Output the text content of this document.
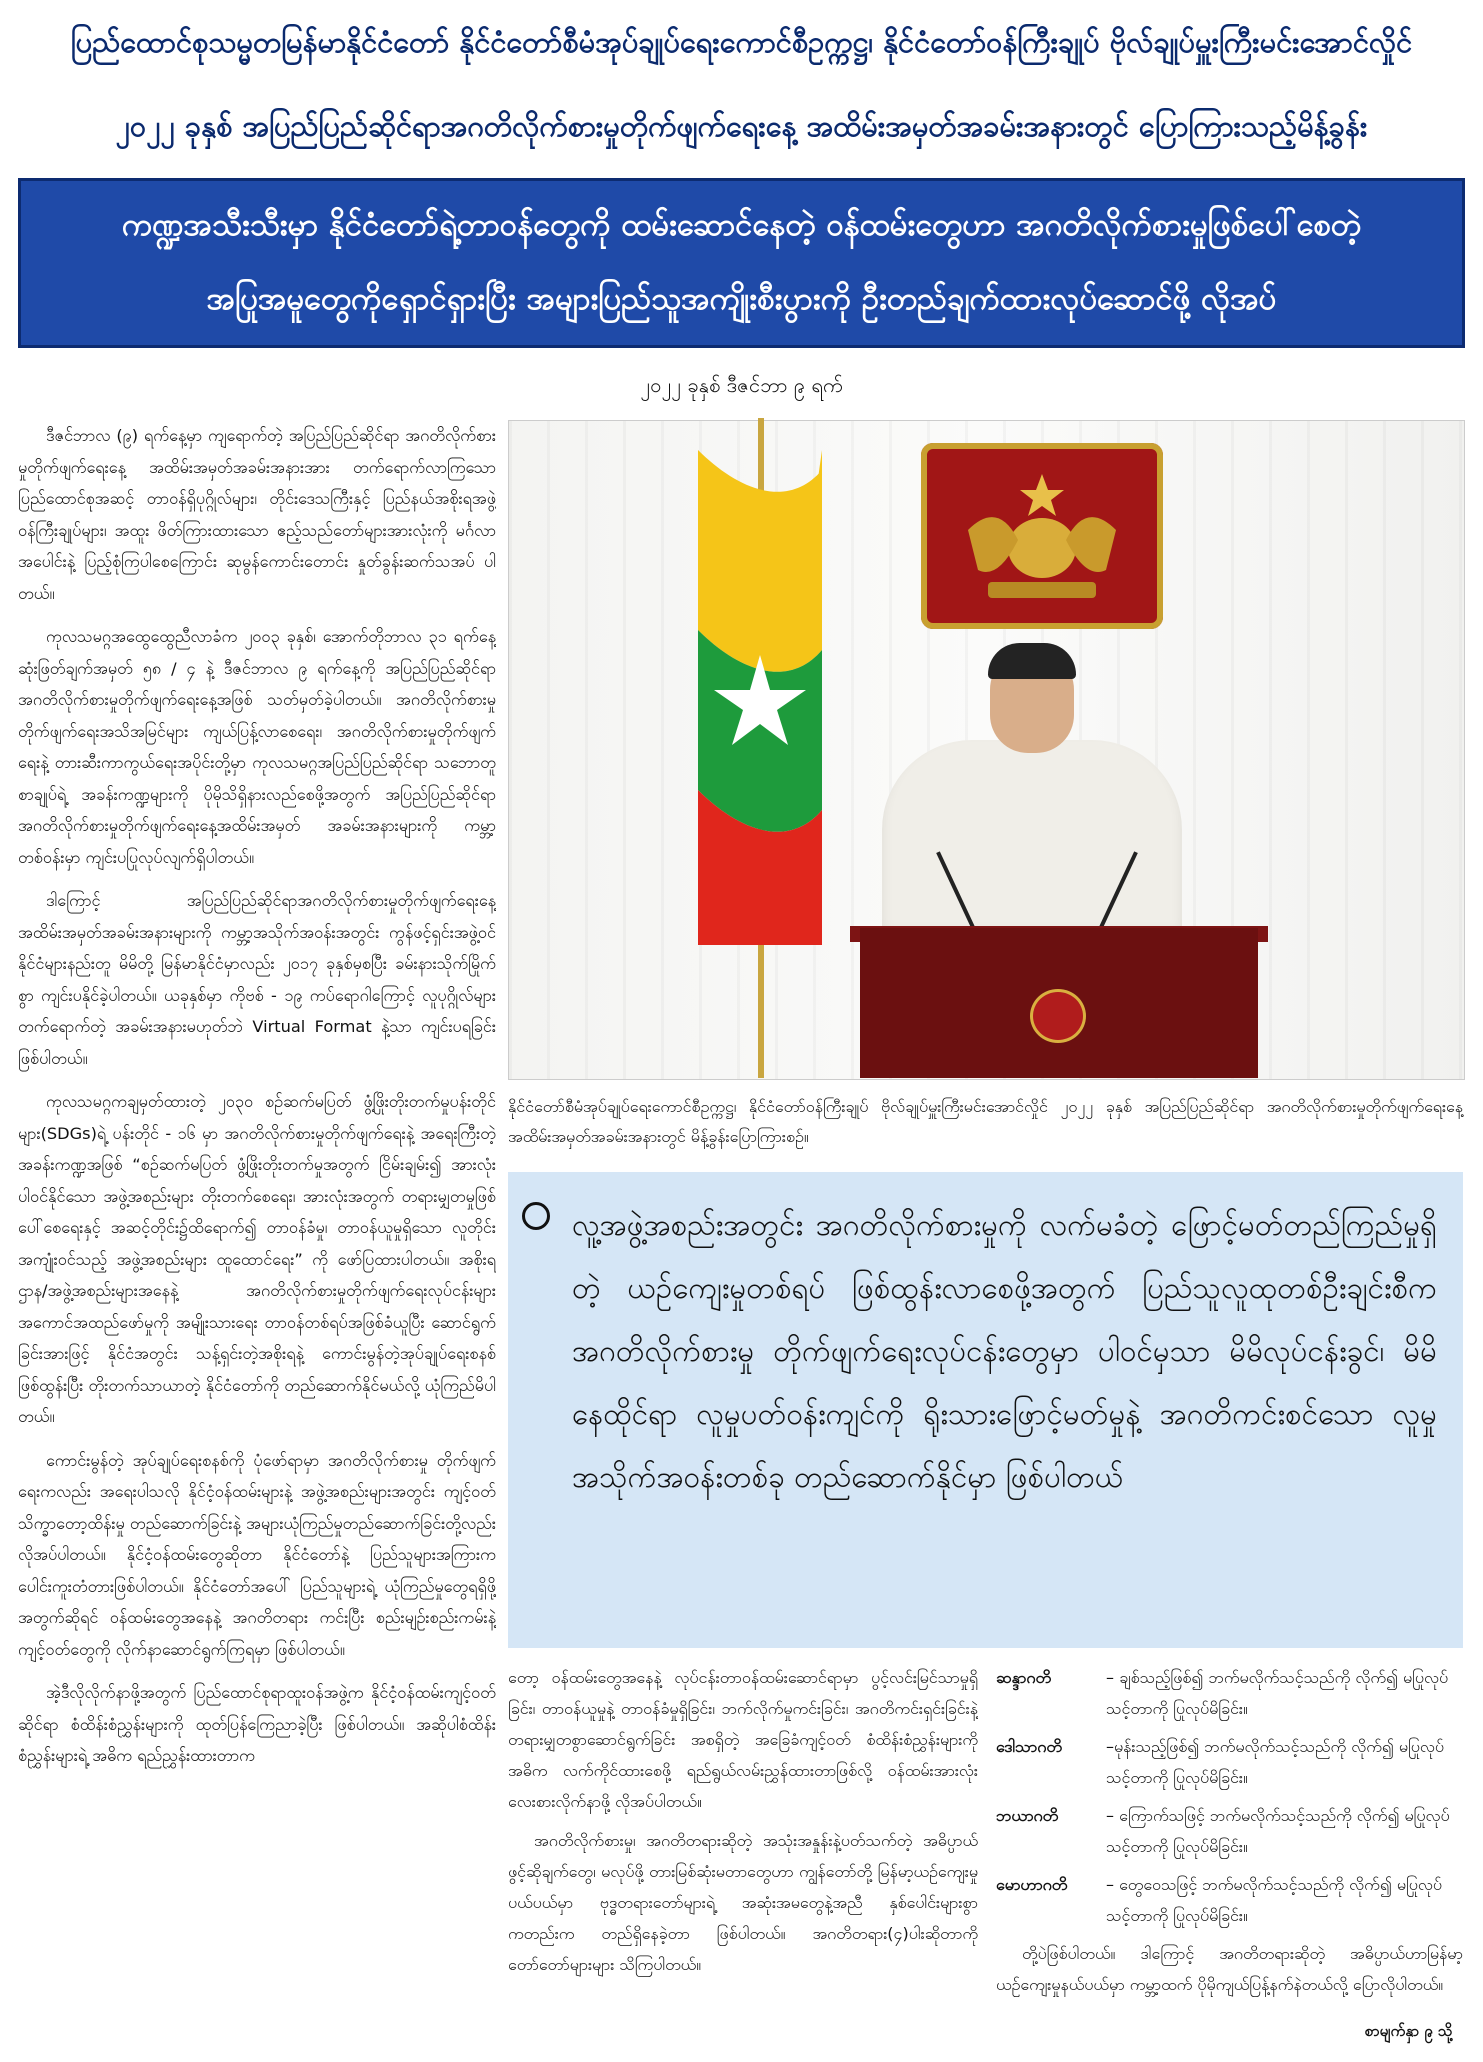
ပြည်ထောင်စုသမ္မတမြန်မာနိုင်ငံတော် နိုင်ငံတော်စီမံအုပ်ချုပ်ရေးကောင်စီဥက္ကဋ္ဌ၊ နိုင်ငံတော်ဝန်ကြီးချုပ် ဗိုလ်ချုပ်မှူးကြီးမင်းအောင်လှိုင်
၂၀၂၂ ခုနှစ် အပြည်ပြည်ဆိုင်ရာအဂတိလိုက်စားမှုတိုက်ဖျက်ရေးနေ့ အထိမ်းအမှတ်အခမ်းအနားတွင် ပြောကြားသည့်မိန့်ခွန်း
ကဏ္ဍအသီးသီးမှာ နိုင်ငံတော်ရဲ့တာဝန်တွေကို ထမ်းဆောင်နေတဲ့ ဝန်ထမ်းတွေဟာ အဂတိလိုက်စားမှုဖြစ်ပေါ်စေတဲ့
အပြုအမူတွေကိုရှောင်ရှားပြီး အများပြည်သူအကျိုးစီးပွားကို ဦးတည်ချက်ထားလုပ်ဆောင်ဖို့ လိုအပ်
၂၀၂၂ ခုနှစ် ဒီဇင်ဘာ ၉ ရက်

ဒီဇင်ဘာလ (၉) ရက်နေ့မှာ ကျရောက်တဲ့ အပြည်ပြည်ဆိုင်ရာ အဂတိလိုက်စားမှုတိုက်ဖျက်ရေးနေ့ အထိမ်းအမှတ်အခမ်းအနားအား တက်ရောက်လာကြသော ပြည်ထောင်စုအဆင့် တာဝန်ရှိပုဂ္ဂိုလ်များ၊ တိုင်းဒေသကြီးနှင့် ပြည်နယ်အစိုးရအဖွဲ့ ဝန်ကြီးချုပ်များ၊ အထူး ဖိတ်ကြားထားသော ဧည့်သည်တော်များအားလုံးကို မင်္ဂလာအပေါင်းနဲ့ ပြည့်စုံကြပါစေကြောင်း ဆုမွန်ကောင်းတောင်း နှုတ်ခွန်းဆက်သအပ် ပါတယ်။

ကုလသမဂ္ဂအထွေထွေညီလာခံက ၂၀၀၃ ခုနှစ်၊ အောက်တိုဘာလ ၃၁ ရက်နေ့ ဆုံးဖြတ်ချက်အမှတ် ၅၈ / ၄ နဲ့ ဒီဇင်ဘာလ ၉ ရက်နေ့ကို အပြည်ပြည်ဆိုင်ရာ အဂတိလိုက်စားမှုတိုက်ဖျက်ရေးနေ့အဖြစ် သတ်မှတ်ခဲ့ပါတယ်။ အဂတိလိုက်စားမှုတိုက်ဖျက်ရေးအသိအမြင်များ ကျယ်ပြန့်လာစေရေး၊ အဂတိလိုက်စားမှုတိုက်ဖျက်ရေးနဲ့ တားဆီးကာကွယ်ရေးအပိုင်းတို့မှာ ကုလသမဂ္ဂအပြည်ပြည်ဆိုင်ရာ သဘောတူစာချုပ်ရဲ့ အခန်းကဏ္ဍများကို ပိုမိုသိရှိနားလည်စေဖို့အတွက် အပြည်ပြည်ဆိုင်ရာ အဂတိလိုက်စားမှုတိုက်ဖျက်ရေးနေ့အထိမ်းအမှတ် အခမ်းအနားများကို ကမ္ဘာ့တစ်ဝန်းမှာ ကျင်းပပြုလုပ်လျက်ရှိပါတယ်။

ဒါကြောင့် အပြည်ပြည်ဆိုင်ရာအဂတိလိုက်စားမှုတိုက်ဖျက်ရေးနေ့ အထိမ်းအမှတ်အခမ်းအနားများကို ကမ္ဘာ့အသိုက်အဝန်းအတွင်း ကွန်ဖင့်ရှင်းအဖွဲ့ဝင်နိုင်ငံများနည်းတူ မိမိတို့ မြန်မာနိုင်ငံမှာလည်း ၂၀၁၇ ခုနှစ်မှစပြီး ခမ်းနားသိုက်မြိုက်စွာ ကျင်းပနိုင်ခဲ့ပါတယ်။ ယခုနှစ်မှာ ကိုဗစ် - ၁၉ ကပ်ရောဂါကြောင့် လူပုဂ္ဂိုလ်များ တက်ရောက်တဲ့ အခမ်းအနားမဟုတ်ဘဲ Virtual Format နဲ့သာ ကျင်းပရခြင်း ဖြစ်ပါတယ်။

ကုလသမဂ္ဂကချမှတ်ထားတဲ့ ၂၀၃၀ စဉ်ဆက်မပြတ် ဖွံ့ဖြိုးတိုးတက်မှုပန်းတိုင်များ(SDGs)ရဲ့ ပန်းတိုင် - ၁၆ မှာ အဂတိလိုက်စားမှုတိုက်ဖျက်ရေးနဲ့ အရေးကြီးတဲ့အခန်းကဏ္ဍအဖြစ် “စဉ်ဆက်မပြတ် ဖွံ့ဖြိုးတိုးတက်မှုအတွက် ငြိမ်းချမ်း၍ အားလုံးပါဝင်နိုင်သော အဖွဲ့အစည်းများ တိုးတက်စေရေး၊ အားလုံးအတွက် တရားမျှတမှုဖြစ်ပေါ်စေရေးနှင့် အဆင့်တိုင်း၌ထိရောက်၍ တာဝန်ခံမှု၊ တာဝန်ယူမှုရှိသော လူတိုင်းအကျုံးဝင်သည့် အဖွဲ့အစည်းများ ထူထောင်ရေး” ကို ဖော်ပြထားပါတယ်။ အစိုးရဌာန/အဖွဲ့အစည်းများအနေနဲ့ အဂတိလိုက်စားမှုတိုက်ဖျက်ရေးလုပ်ငန်းများ အကောင်အထည်ဖော်မှုကို အမျိုးသားရေး တာဝန်တစ်ရပ်အဖြစ်ခံယူပြီး ဆောင်ရွက်ခြင်းအားဖြင့် နိုင်ငံအတွင်း သန့်ရှင်းတဲ့အစိုးရနဲ့ ကောင်းမွန်တဲ့အုပ်ချုပ်ရေးစနစ် ဖြစ်ထွန်းပြီး တိုးတက်သာယာတဲ့ နိုင်ငံတော်ကို တည်ဆောက်နိုင်မယ်လို့ ယုံကြည်မိပါတယ်။

ကောင်းမွန်တဲ့ အုပ်ချုပ်ရေးစနစ်ကို ပုံဖော်ရာမှာ အဂတိလိုက်စားမှု တိုက်ဖျက်ရေးကလည်း အရေးပါသလို နိုင်ငံ့ဝန်ထမ်းများနဲ့ အဖွဲ့အစည်းများအတွင်း ကျင့်ဝတ်သိက္ခာတော့ထိန်းမှု တည်ဆောက်ခြင်းနဲ့ အများယုံကြည်မှုတည်ဆောက်ခြင်းတို့လည်း လိုအပ်ပါတယ်။ နိုင်ငံ့ဝန်ထမ်းတွေဆိုတာ နိုင်ငံတော်နဲ့ ပြည်သူများအကြားက ပေါင်းကူးတံတားဖြစ်ပါတယ်။ နိုင်ငံတော်အပေါ် ပြည်သူများရဲ့ ယုံကြည်မှုတွေရရှိဖို့အတွက်ဆိုရင် ဝန်ထမ်းတွေအနေနဲ့ အဂတိတရား ကင်းပြီး စည်းမျဉ်းစည်းကမ်းနဲ့ ကျင့်ဝတ်တွေကို လိုက်နာဆောင်ရွက်ကြရမှာ ဖြစ်ပါတယ်။

အဲ့ဒီလိုလိုက်နာဖို့အတွက် ပြည်ထောင်စုရာထူးဝန်အဖွဲ့က နိုင်ငံ့ဝန်ထမ်းကျင့်ဝတ်ဆိုင်ရာ စံထိန်းစံညွှန်းများကို ထုတ်ပြန်ကြေညာခဲ့ပြီး ဖြစ်ပါတယ်။ အဆိုပါစံထိန်းစံညွှန်းများရဲ့ အဓိက ရည်ညွှန်းထားတာက

နိုင်ငံတော်စီမံအုပ်ချုပ်ရေးကောင်စီဥက္ကဋ္ဌ၊ နိုင်ငံတော်ဝန်ကြီးချုပ် ဗိုလ်ချုပ်မှူးကြီးမင်းအောင်လှိုင် ၂၀၂၂ ခုနှစ် အပြည်ပြည်ဆိုင်ရာ အဂတိလိုက်စားမှုတိုက်ဖျက်ရေးနေ့ အထိမ်းအမှတ်အခမ်းအနားတွင် မိန့်ခွန်းပြောကြားစဉ်။
လူ့အဖွဲ့အစည်းအတွင်း အဂတိလိုက်စားမှုကို လက်မခံတဲ့ ဖြောင့်မတ်တည်ကြည်မှုရှိတဲ့ ယဉ်ကျေးမှုတစ်ရပ် ဖြစ်ထွန်းလာစေဖို့အတွက် ပြည်သူလူထုတစ်ဦးချင်းစီက အဂတိလိုက်စားမှု တိုက်ဖျက်ရေးလုပ်ငန်းတွေမှာ ပါဝင်မှသာ မိမိလုပ်ငန်းခွင်၊ မိမိနေထိုင်ရာ လူမှုပတ်ဝန်းကျင်ကို ရိုးသားဖြောင့်မတ်မှုနဲ့ အဂတိကင်းစင်သော လူမှုအသိုက်အဝန်းတစ်ခု တည်ဆောက်နိုင်မှာ ဖြစ်ပါတယ်

တော့ ဝန်ထမ်းတွေအနေနဲ့ လုပ်ငန်းတာဝန်ထမ်းဆောင်ရာမှာ ပွင့်လင်းမြင်သာမှုရှိခြင်း၊ တာဝန်ယူမှုနဲ့ တာဝန်ခံမှုရှိခြင်း၊ ဘက်လိုက်မှုကင်းခြင်း၊ အဂတိကင်းရှင်းခြင်းနဲ့ တရားမျှတစွာဆောင်ရွက်ခြင်း အစရှိတဲ့ အခြေခံကျင့်ဝတ် စံထိန်းစံညွှန်းများကို အဓိက လက်ကိုင်ထားစေဖို့ ရည်ရွယ်လမ်းညွှန်ထားတာဖြစ်လို့ ဝန်ထမ်းအားလုံး လေးစားလိုက်နာဖို့ လိုအပ်ပါတယ်။

အဂတိလိုက်စားမှု၊ အဂတိတရားဆိုတဲ့ အသုံးအနှုန်းနဲ့ပတ်သက်တဲ့ အဓိပ္ပာယ်ဖွင့်ဆိုချက်တွေ၊ မလုပ်ဖို့ တားမြစ်ဆုံးမတာတွေဟာ ကျွန်တော်တို့ မြန်မာ့ယဉ်ကျေးမှုပယ်ပယ်မှာ ဗုဒ္ဓတရားတော်များရဲ့ အဆုံးအမတွေနဲ့အညီ နှစ်ပေါင်းများစွာကတည်းက တည်ရှိနေခဲ့တာ ဖြစ်ပါတယ်။ အဂတိတရား(၄)ပါးဆိုတာကို တော်တော်များများ သိကြပါတယ်။

ဆန္ဒာဂတိ	– ချစ်သည့်ဖြစ်၍ ဘက်မလိုက်သင့်သည်ကို လိုက်၍ မပြုလုပ်သင့်တာကို ပြုလုပ်မိခြင်း။
ဒေါသာဂတိ	–မုန်းသည့်ဖြစ်၍ ဘက်မလိုက်သင့်သည်ကို လိုက်၍ မပြုလုပ်သင့်တာကို ပြုလုပ်မိခြင်း။
ဘယာဂတိ	– ကြောက်သဖြင့် ဘက်မလိုက်သင့်သည်ကို လိုက်၍ မပြုလုပ်သင့်တာကို ပြုလုပ်မိခြင်း။
မောဟာဂတိ	– တွေဝေသဖြင့် ဘက်မလိုက်သင့်သည်ကို လိုက်၍ မပြုလုပ်သင့်တာကို ပြုလုပ်မိခြင်း။

တို့ပဲဖြစ်ပါတယ်။ ဒါကြောင့် အဂတိတရားဆိုတဲ့ အဓိပ္ပာယ်ဟာမြန်မာ့ယဉ်ကျေးမှုနယ်ပယ်မှာ ကမ္ဘာ့ထက် ပိုမိုကျယ်ပြန့်နက်နဲတယ်လို့ ပြောလိုပါတယ်။

စာမျက်နှာ ၉ သို့
